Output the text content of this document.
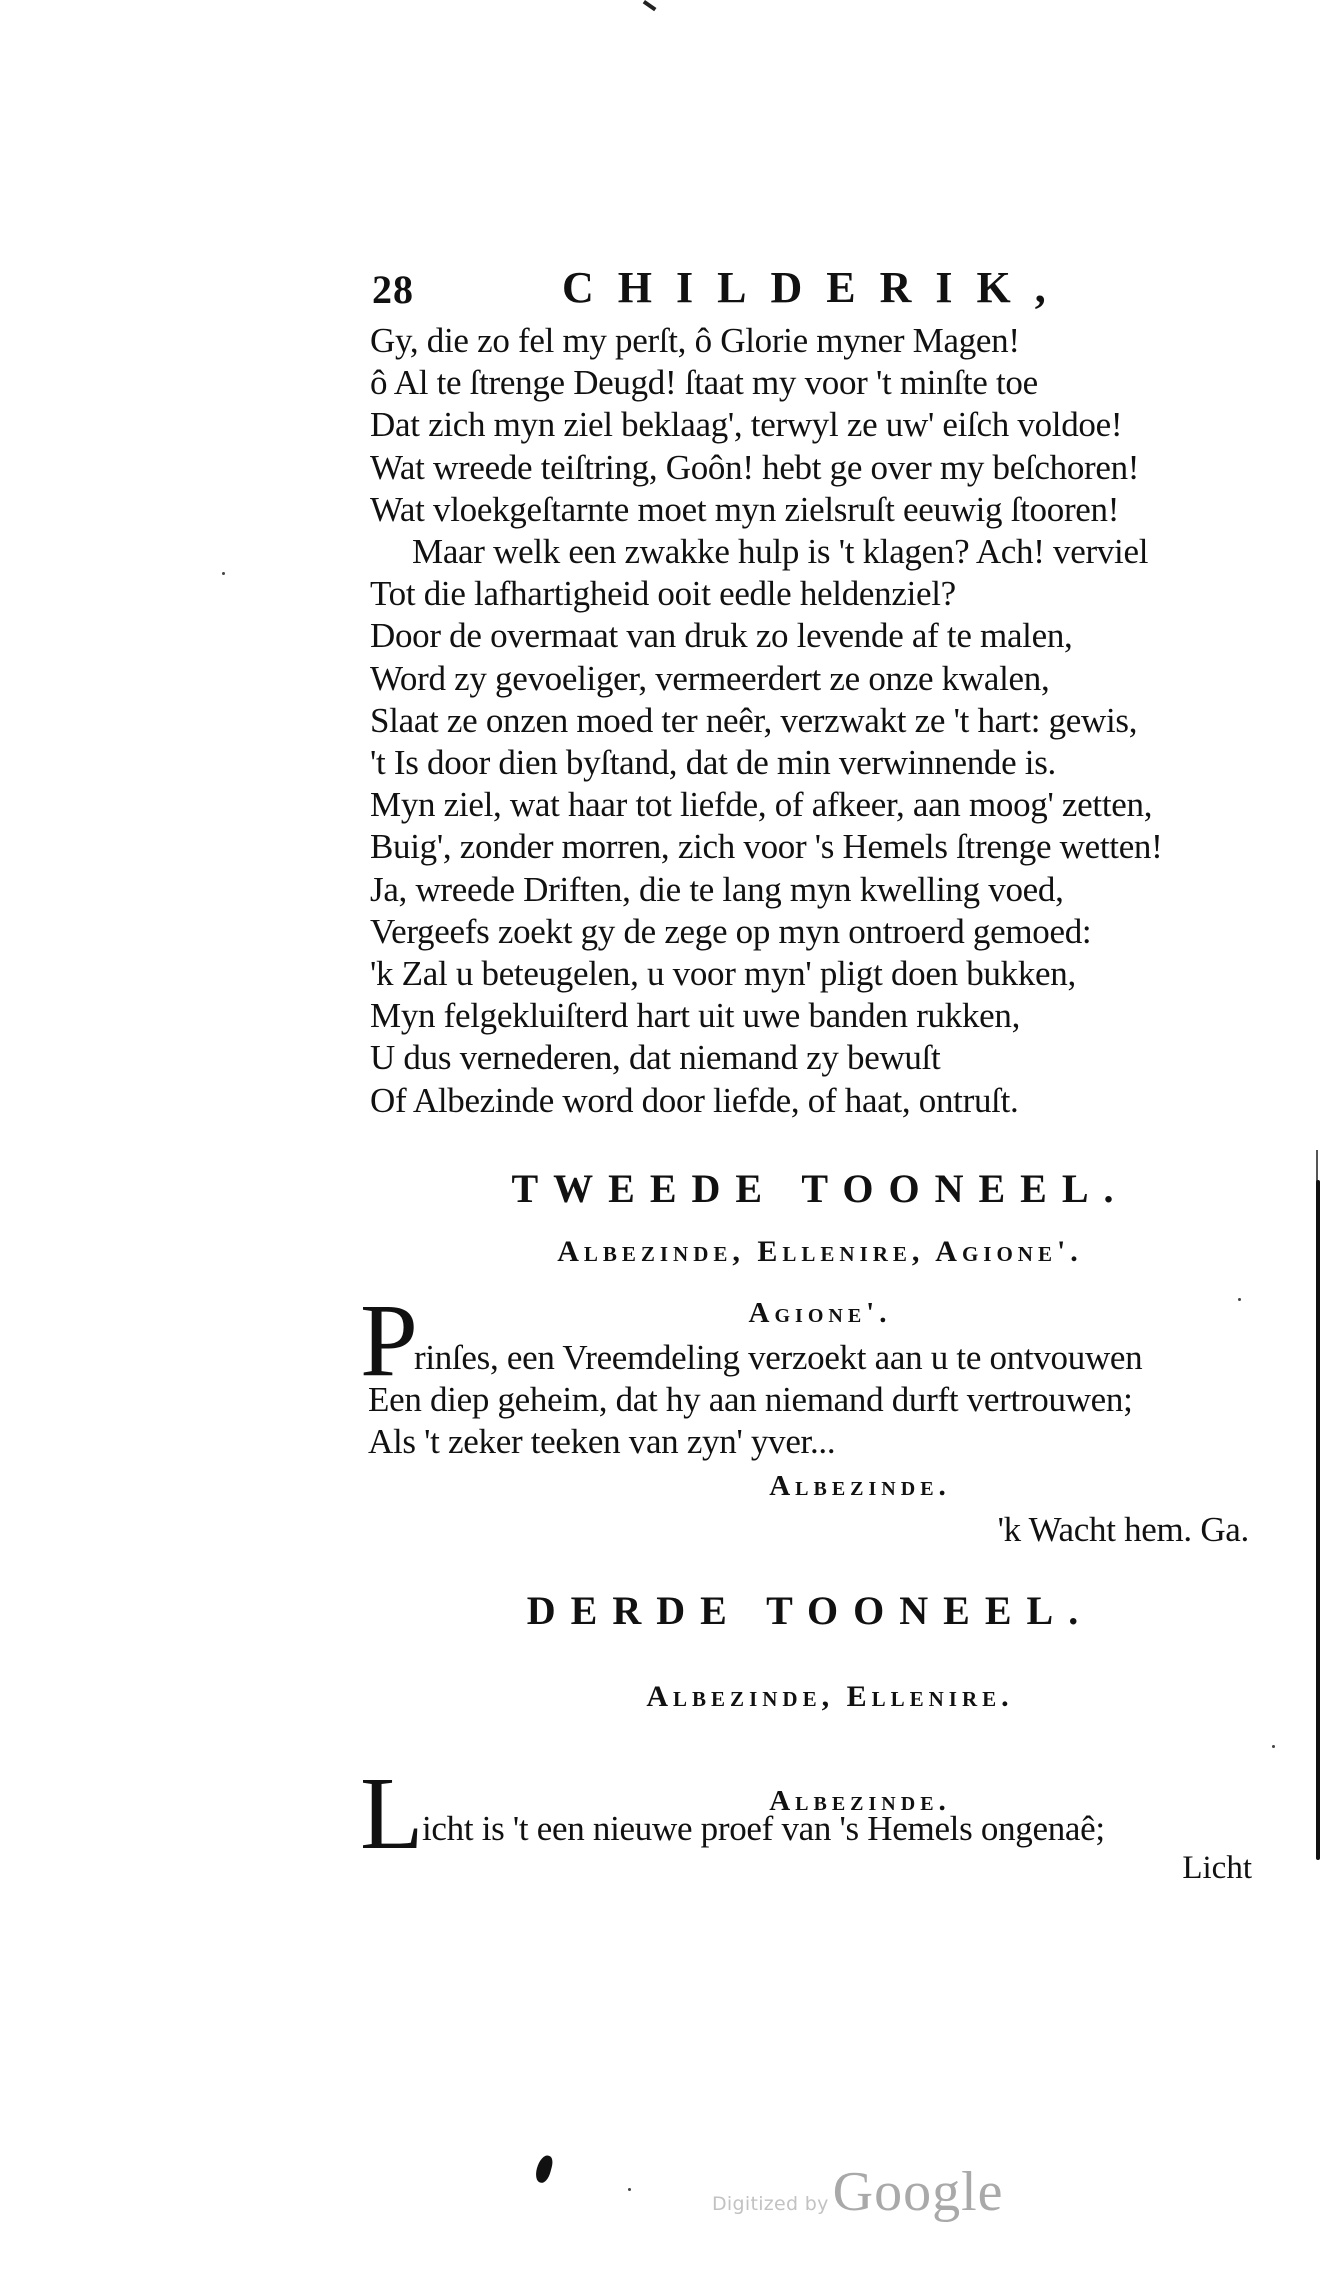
28	CHILDERIK,
Gy, die zo fel my perſt, ô Glorie myner Magen!
ô Al te ſtrenge Deugd! ſtaat my voor 't minſte toe
Dat zich myn ziel beklaag', terwyl ze uw' eiſch voldoe!
Wat wreede teiſtring, Goôn! hebt ge over my beſchoren!
Wat vloekgeſtarnte moet myn zielsruſt eeuwig ſtooren!
Maar welk een zwakke hulp is 't klagen? Ach! verviel
Tot die lafhartigheid ooit eedle heldenziel?
Door de overmaat van druk zo levende af te malen,
Word zy gevoeliger, vermeerdert ze onze kwalen,
Slaat ze onzen moed ter neêr, verzwakt ze 't hart: gewis,
't Is door dien byſtand, dat de min verwinnende is.
Myn ziel, wat haar tot liefde, of afkeer, aan moog' zetten,
Buig', zonder morren, zich voor 's Hemels ſtrenge wetten!
Ja, wreede Driften, die te lang myn kwelling voed,
Vergeefs zoekt gy de zege op myn ontroerd gemoed:
'k Zal u beteugelen, u voor myn' pligt doen bukken,
Myn felgekluiſterd hart uit uwe banden rukken,
U dus vernederen, dat niemand zy bewuſt
Of Albezinde word door liefde, of haat, ontruſt.
TWEEDE TOONEEL.
Albezinde, Ellenire, Agione'.
Agione'.
P
rinſes, een Vreemdeling verzoekt aan u te ontvouwen
Een diep geheim, dat hy aan niemand durft vertrouwen;
Als 't zeker teeken van zyn' yver...
Albezinde.
'k Wacht hem. Ga.
DERDE TOONEEL.
Albezinde, Ellenire.
Albezinde.
L
icht is 't een nieuwe proef van 's Hemels ongenaê;
Licht
Digitized by Google
